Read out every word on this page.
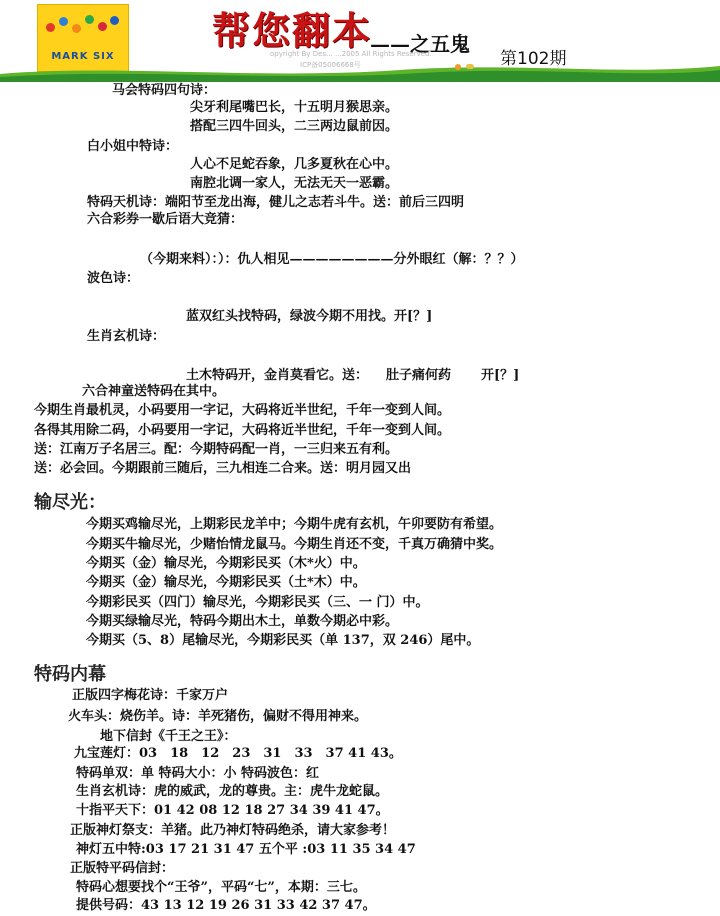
MARK SIX
帮您翻本
——之五鬼
第102期
opyright By Des... ...2005 All Rights Reserved.
ICP备05006668号
马会特码四句诗：
尖牙利尾嘴巴长，十五明月猴思亲。
搭配三四牛回头，二三两边鼠前因。
白小姐中特诗：
人心不足蛇吞象，几多夏秋在心中。
南腔北调一家人，无法无天一恶霸。
特码天机诗：端阳节至龙出海，健儿之志若斗牛。送：前后三四明
六合彩券一歇后语大竞猜：
（今期来料）：）：仇人相见————————分外眼红（解：？？）
波色诗：
蓝双红头找特码，绿波今期不用找。开[？]
生肖玄机诗：
土木特码开，金肖莫看它。送： 肚子痛何药 开[？]
六合神童送特码在其中。
今期生肖最机灵，小码要用一字记，大码将近半世纪，千年一变到人间。
各得其用除二码，小码要用一字记，大码将近半世纪，千年一变到人间。
送：江南万子名居三。配：今期特码配一肖，一三归来五有利。
送：必会回。今期跟前三随后，三九相连二合来。送：明月园又出
输尽光：
今期买鸡输尽光，上期彩民龙羊中；今期牛虎有玄机，午卯要防有希望。
今期买牛输尽光，少赌怡情龙鼠马。今期生肖还不变，千真万确猜中奖。
今期买（金）输尽光，今期彩民买（木*火）中。
今期买（金）输尽光，今期彩民买（土*木）中。
今期彩民买（四门）输尽光，今期彩民买（三、一 门）中。
今期买绿输尽光，特码今期出木土，单数今期必中彩。
今期买（5、8）尾输尽光，今期彩民买（单 137，双 246）尾中。
特码内幕
正版四字梅花诗：千家万户
火车头：烧伤羊。诗：羊死猪伤，偏财不得用神来。
地下信封《千王之王》：
九宝莲灯：03　18　12　23　31　33　37 41 43。
特码单双：单 特码大小：小 特码波色：红
生肖玄机诗：虎的威武，龙的尊贵。主：虎牛龙蛇鼠。
十指平天下：01 42 08 12 18 27 34 39 41 47。
正版神灯祭支：羊猪。此乃神灯特码绝杀，请大家参考！
神灯五中特:03 17 21 31 47 五个平 :03 11 35 34 47
正版特平码信封：
特码心想要找个“王爷”，平码“七”，本期：三七。
提供号码：43 13 12 19 26 31 33 42 37 47。
